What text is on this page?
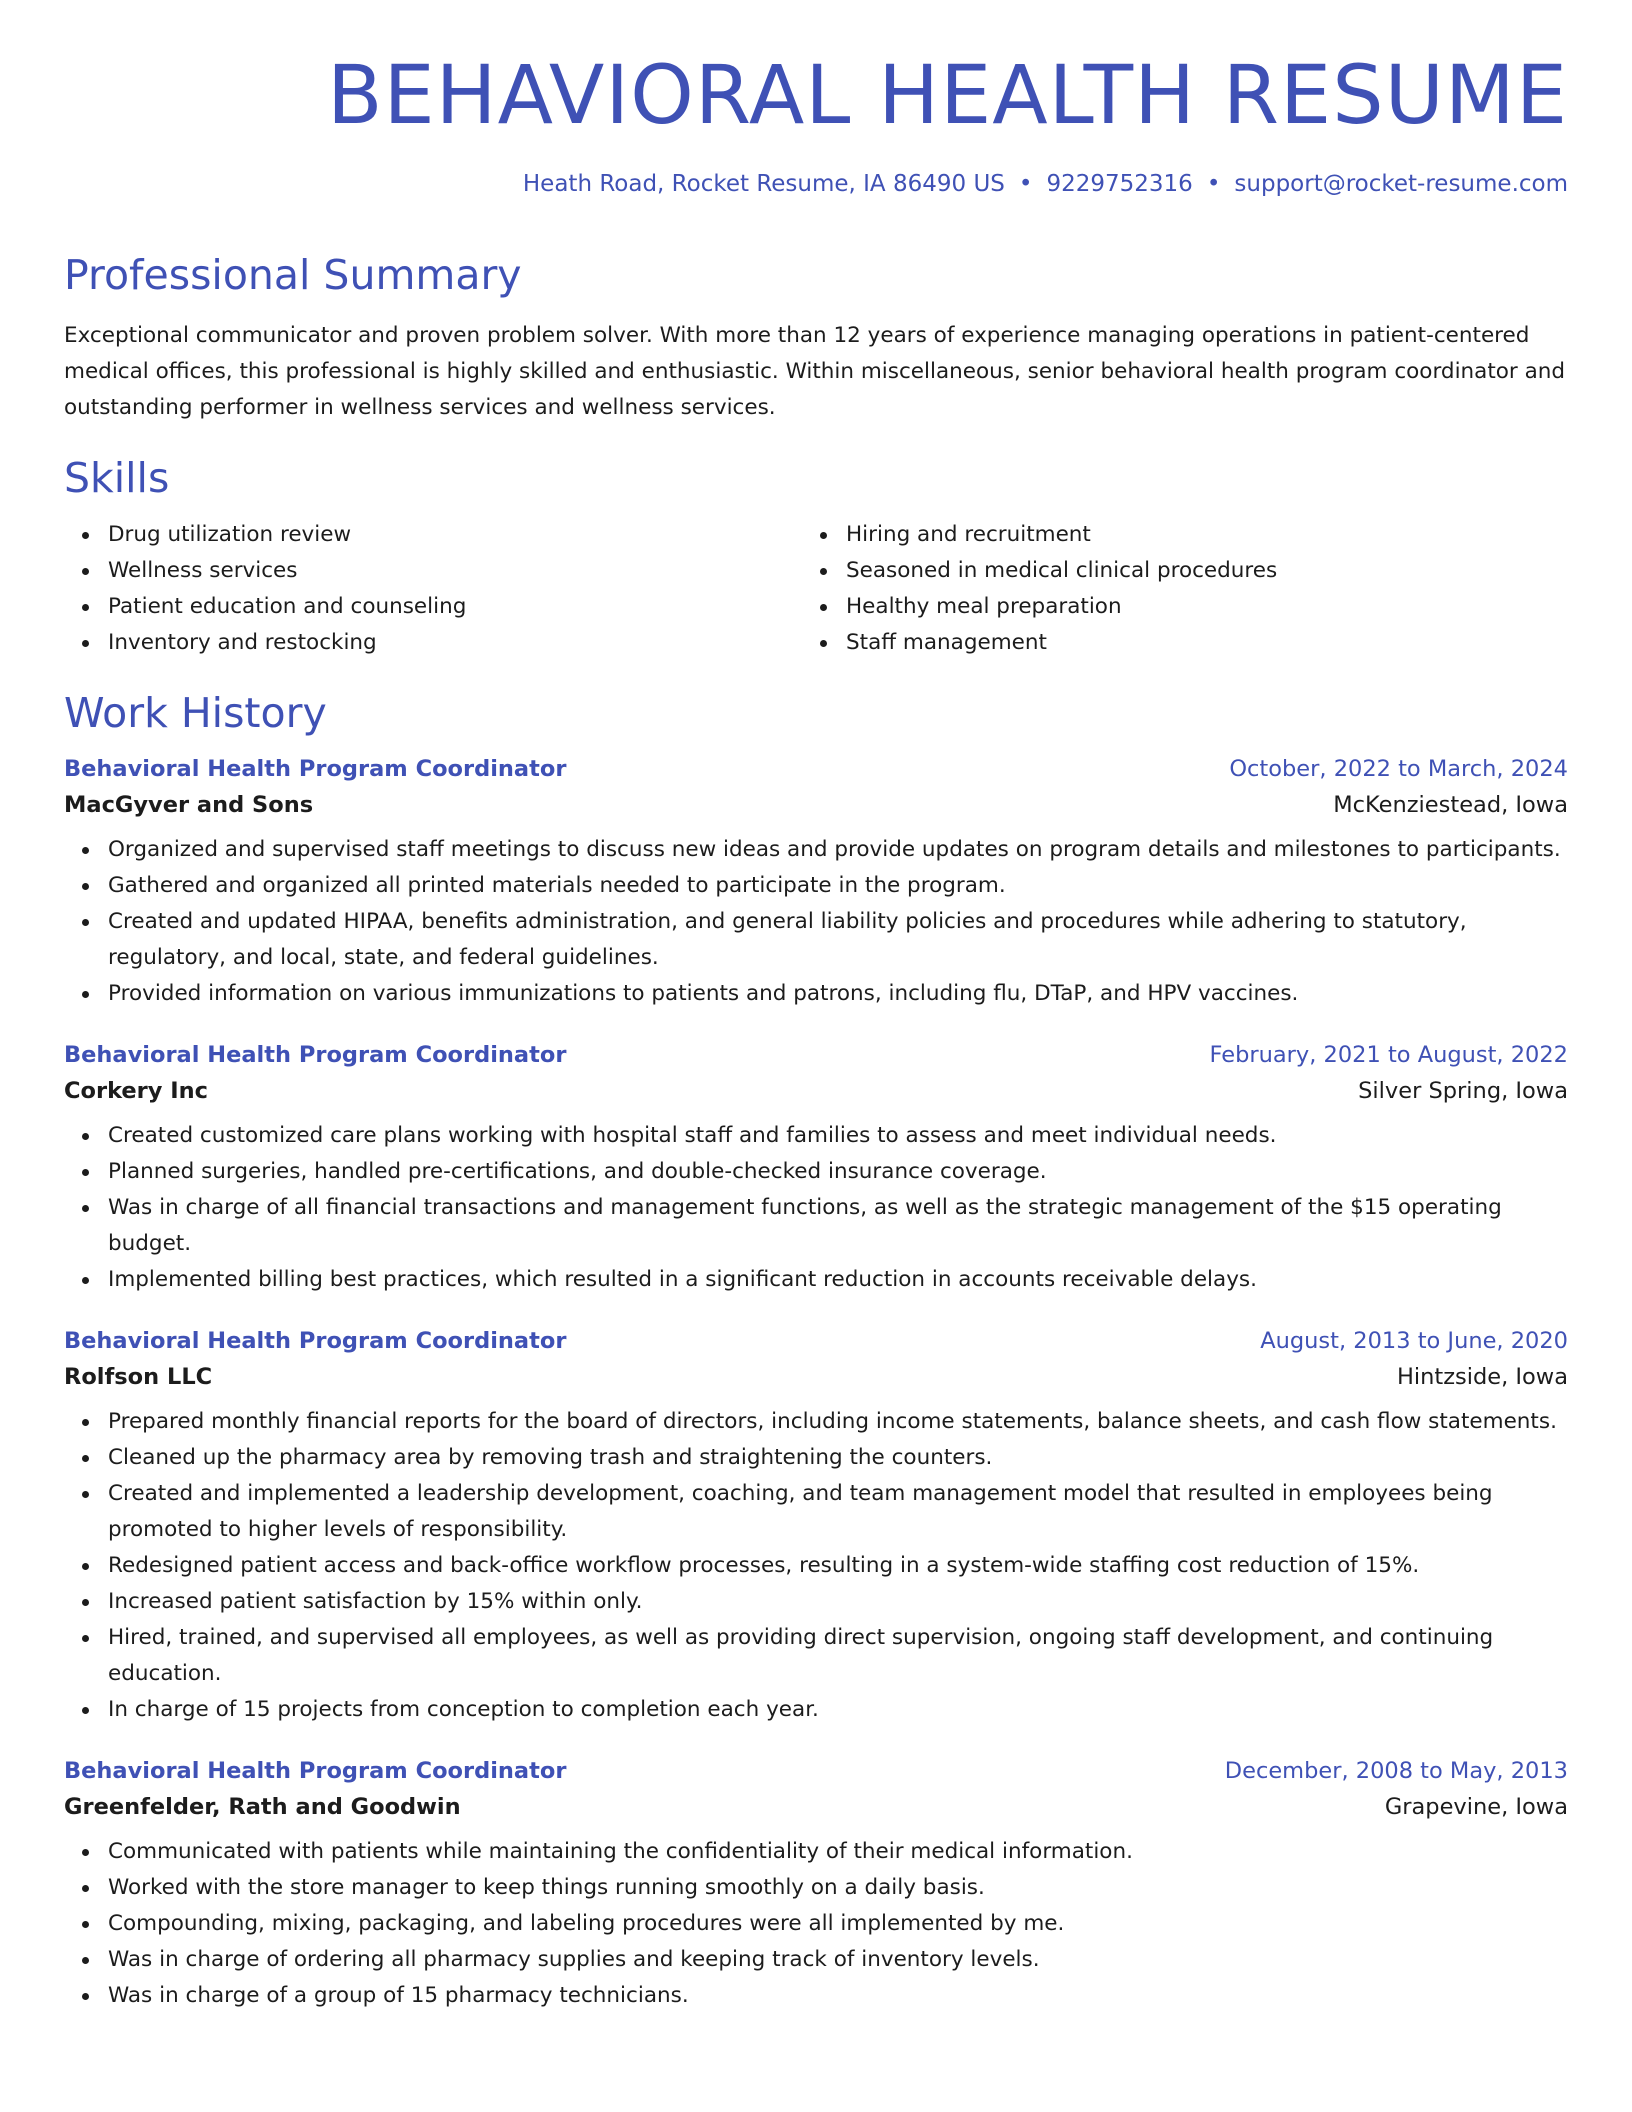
BEHAVIORAL HEALTH RESUME
Heath Road, Rocket Resume, IA 86490 US • 9229752316 • support@rocket-resume.com
Professional Summary
Exceptional communicator and proven problem solver. With more than 12 years of experience managing operations in patient-centered medical offices, this professional is highly skilled and enthusiastic. Within miscellaneous, senior behavioral health program coordinator and outstanding performer in wellness services and wellness services.
Skills
Drug utilization review
Wellness services
Patient education and counseling
Inventory and restocking
Hiring and recruitment
Seasoned in medical clinical procedures
Healthy meal preparation
Staff management
Work History
Behavioral Health Program Coordinator	October, 2022 to March, 2024
MacGyver and Sons	McKenziestead, Iowa
Organized and supervised staff meetings to discuss new ideas and provide updates on program details and milestones to participants.
Gathered and organized all printed materials needed to participate in the program.
Created and updated HIPAA, benefits administration, and general liability policies and procedures while adhering to statutory, regulatory, and local, state, and federal guidelines.
Provided information on various immunizations to patients and patrons, including flu, DTaP, and HPV vaccines.
Behavioral Health Program Coordinator	February, 2021 to August, 2022
Corkery Inc	Silver Spring, Iowa
Created customized care plans working with hospital staff and families to assess and meet individual needs.
Planned surgeries, handled pre-certifications, and double-checked insurance coverage.
Was in charge of all financial transactions and management functions, as well as the strategic management of the $15 operating budget.
Implemented billing best practices, which resulted in a significant reduction in accounts receivable delays.
Behavioral Health Program Coordinator	August, 2013 to June, 2020
Rolfson LLC	Hintzside, Iowa
Prepared monthly financial reports for the board of directors, including income statements, balance sheets, and cash flow statements.
Cleaned up the pharmacy area by removing trash and straightening the counters.
Created and implemented a leadership development, coaching, and team management model that resulted in employees being promoted to higher levels of responsibility.
Redesigned patient access and back-office workflow processes, resulting in a system-wide staffing cost reduction of 15%.
Increased patient satisfaction by 15% within only.
Hired, trained, and supervised all employees, as well as providing direct supervision, ongoing staff development, and continuing education.
In charge of 15 projects from conception to completion each year.
Behavioral Health Program Coordinator	December, 2008 to May, 2013
Greenfelder, Rath and Goodwin	Grapevine, Iowa
Communicated with patients while maintaining the confidentiality of their medical information.
Worked with the store manager to keep things running smoothly on a daily basis.
Compounding, mixing, packaging, and labeling procedures were all implemented by me.
Was in charge of ordering all pharmacy supplies and keeping track of inventory levels.
Was in charge of a group of 15 pharmacy technicians.
